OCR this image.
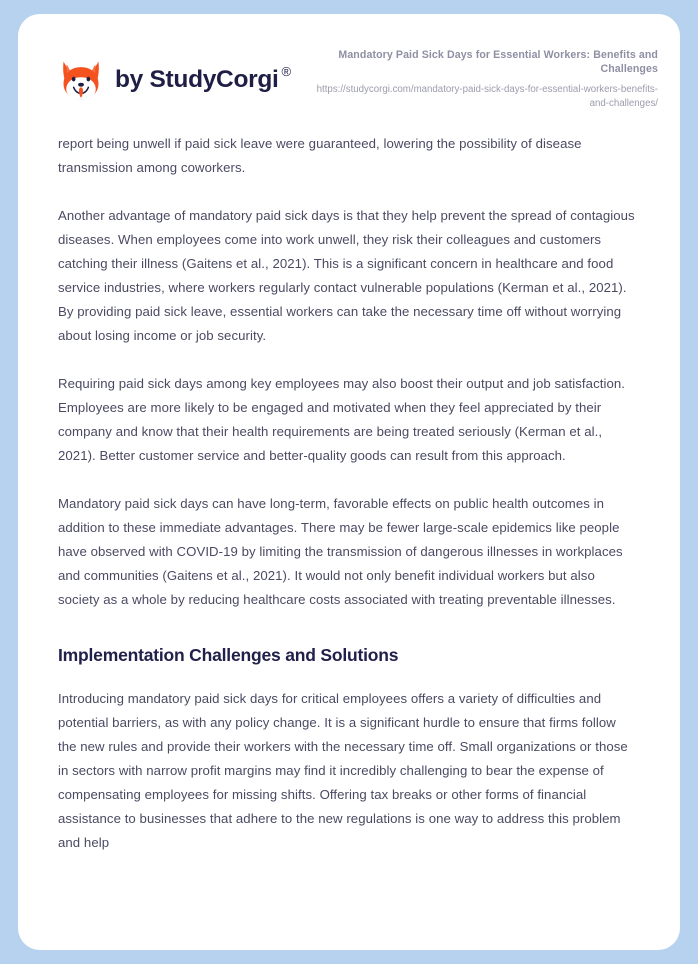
by StudyCorgi ®
Mandatory Paid Sick Days for Essential Workers: Benefits and Challenges
https://studycorgi.com/mandatory-paid-sick-days-for-essential-workers-benefits-and-challenges/

report being unwell if paid sick leave were guaranteed, lowering the possibility of disease transmission among coworkers.

Another advantage of mandatory paid sick days is that they help prevent the spread of contagious diseases. When employees come into work unwell, they risk their colleagues and customers catching their illness (Gaitens et al., 2021). This is a significant concern in healthcare and food service industries, where workers regularly contact vulnerable populations (Kerman et al., 2021). By providing paid sick leave, essential workers can take the necessary time off without worrying about losing income or job security.

Requiring paid sick days among key employees may also boost their output and job satisfaction. Employees are more likely to be engaged and motivated when they feel appreciated by their company and know that their health requirements are being treated seriously (Kerman et al., 2021). Better customer service and better-quality goods can result from this approach.

Mandatory paid sick days can have long-term, favorable effects on public health outcomes in addition to these immediate advantages. There may be fewer large-scale epidemics like people have observed with COVID-19 by limiting the transmission of dangerous illnesses in workplaces and communities (Gaitens et al., 2021). It would not only benefit individual workers but also society as a whole by reducing healthcare costs associated with treating preventable illnesses.

Implementation Challenges and Solutions

Introducing mandatory paid sick days for critical employees offers a variety of difficulties and potential barriers, as with any policy change. It is a significant hurdle to ensure that firms follow the new rules and provide their workers with the necessary time off. Small organizations or those in sectors with narrow profit margins may find it incredibly challenging to bear the expense of compensating employees for missing shifts. Offering tax breaks or other forms of financial assistance to businesses that adhere to the new regulations is one way to address this problem and help
